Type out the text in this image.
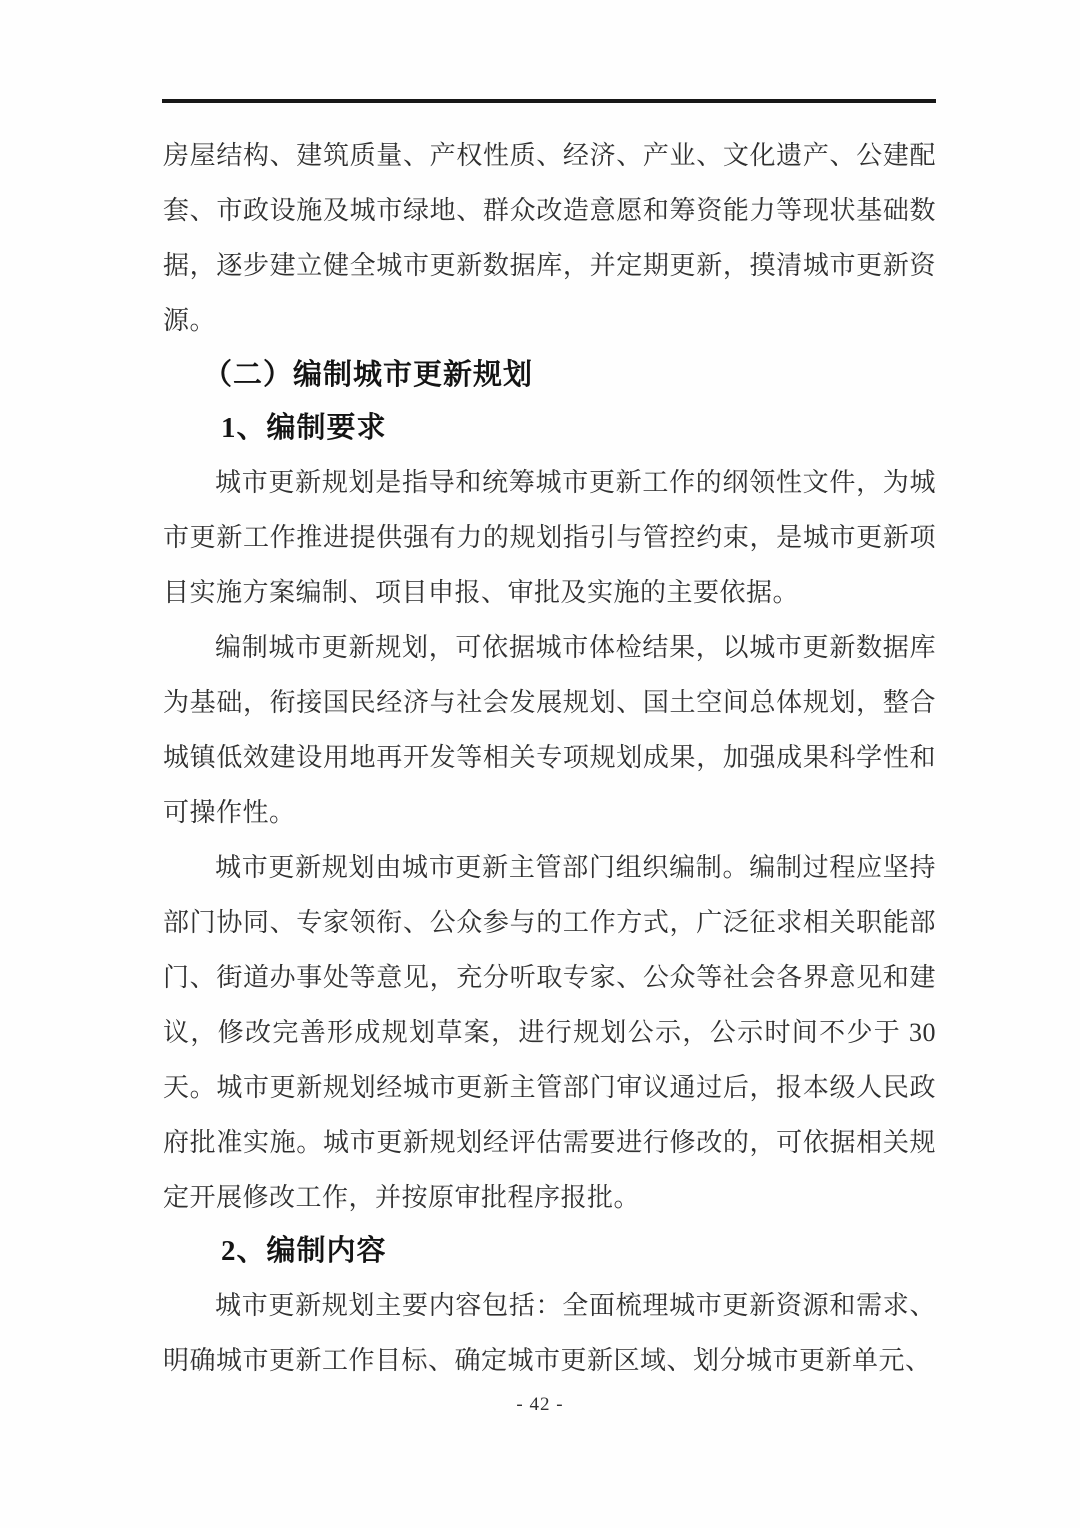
房屋结构、建筑质量、产权性质、经济、产业、文化遗产、公建配套、市政设施及城市绿地、群众改造意愿和筹资能力等现状基础数据，逐步建立健全城市更新数据库，并定期更新，摸清城市更新资源。

（二）编制城市更新规划
1、编制要求

城市更新规划是指导和统筹城市更新工作的纲领性文件，为城市更新工作推进提供强有力的规划指引与管控约束，是城市更新项目实施方案编制、项目申报、审批及实施的主要依据。

编制城市更新规划，可依据城市体检结果，以城市更新数据库为基础，衔接国民经济与社会发展规划、国土空间总体规划，整合城镇低效建设用地再开发等相关专项规划成果，加强成果科学性和可操作性。

城市更新规划由城市更新主管部门组织编制。编制过程应坚持部门协同、专家领衔、公众参与的工作方式，广泛征求相关职能部门、街道办事处等意见，充分听取专家、公众等社会各界意见和建议，修改完善形成规划草案，进行规划公示，公示时间不少于 30 天。城市更新规划经城市更新主管部门审议通过后，报本级人民政府批准实施。城市更新规划经评估需要进行修改的，可依据相关规定开展修改工作，并按原审批程序报批。

2、编制内容

城市更新规划主要内容包括：全面梳理城市更新资源和需求、明确城市更新工作目标、确定城市更新区域、划分城市更新单元、

- 42 -
